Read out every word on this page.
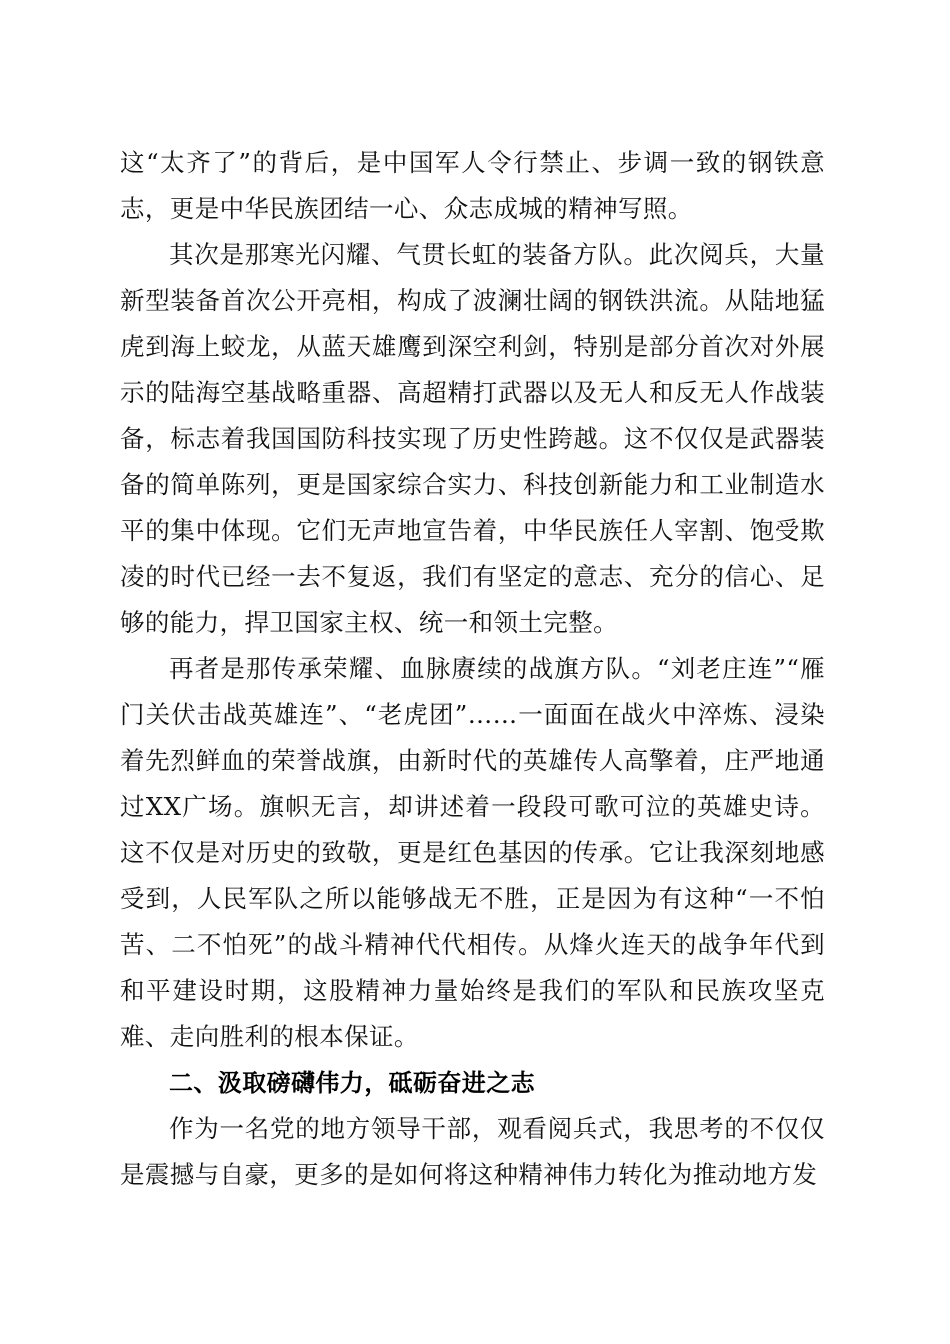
这“太齐了”的背后，是中国军人令行禁止、步调一致的钢铁意志，更是中华民族团结一心、众志成城的精神写照。

其次是那寒光闪耀、气贯长虹的装备方队。此次阅兵，大量新型装备首次公开亮相，构成了波澜壮阔的钢铁洪流。从陆地猛虎到海上蛟龙，从蓝天雄鹰到深空利剑，特别是部分首次对外展示的陆海空基战略重器、高超精打武器以及无人和反无人作战装备，标志着我国国防科技实现了历史性跨越。这不仅仅是武器装备的简单陈列，更是国家综合实力、科技创新能力和工业制造水平的集中体现。它们无声地宣告着，中华民族任人宰割、饱受欺凌的时代已经一去不复返，我们有坚定的意志、充分的信心、足够的能力，捍卫国家主权、统一和领土完整。

再者是那传承荣耀、血脉赓续的战旗方队。“刘老庄连”“雁门关伏击战英雄连”、“老虎团”……一面面在战火中淬炼、浸染着先烈鲜血的荣誉战旗，由新时代的英雄传人高擎着，庄严地通过XX广场。旗帜无言，却讲述着一段段可歌可泣的英雄史诗。这不仅是对历史的致敬，更是红色基因的传承。它让我深刻地感受到，人民军队之所以能够战无不胜，正是因为有这种“一不怕苦、二不怕死”的战斗精神代代相传。从烽火连天的战争年代到和平建设时期，这股精神力量始终是我们的军队和民族攻坚克难、走向胜利的根本保证。

二、汲取磅礴伟力，砥砺奋进之志

作为一名党的地方领导干部，观看阅兵式，我思考的不仅仅是震撼与自豪，更多的是如何将这种精神伟力转化为推动地方发
